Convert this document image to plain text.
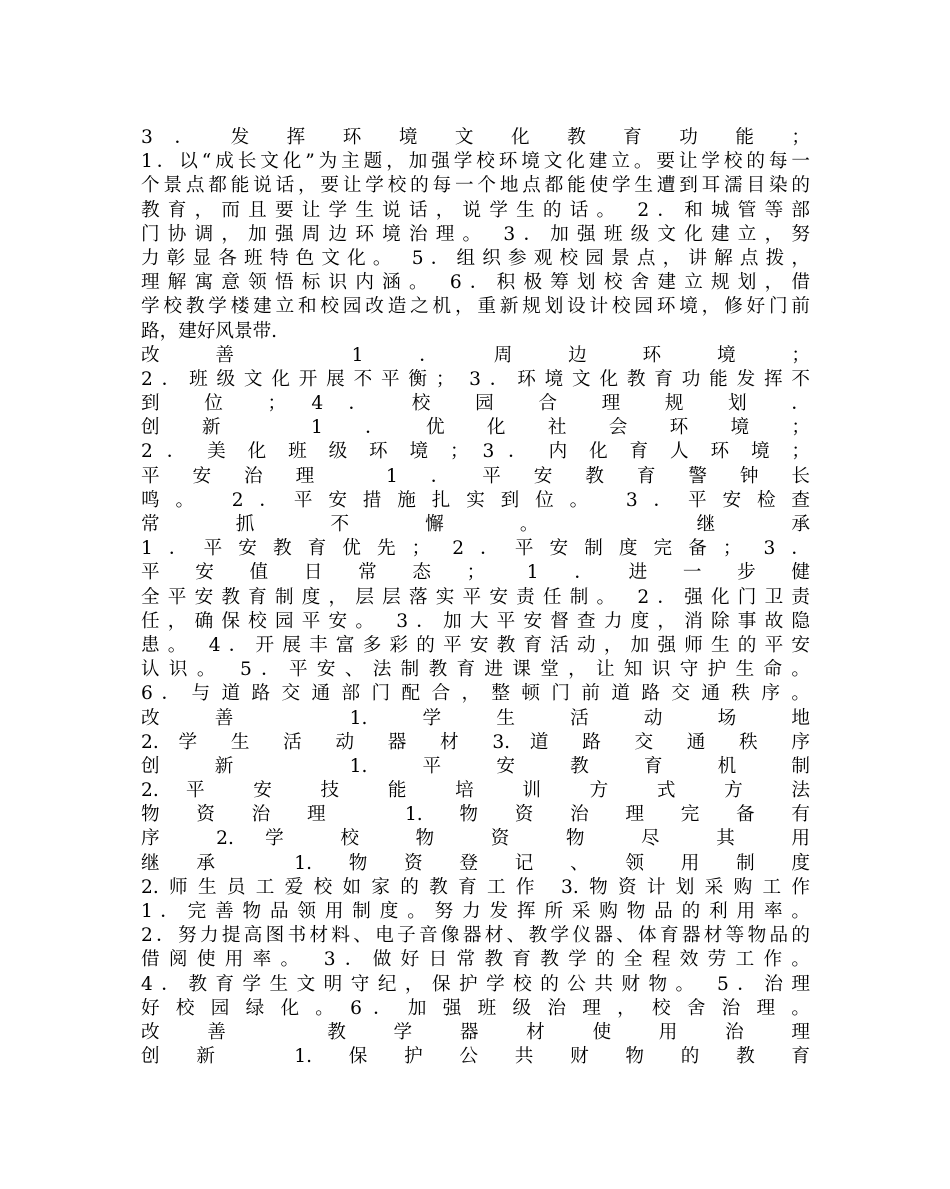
3 ． 发 挥 环 境 文 化 教 育 功 能 ；
1．以“成长文化”为主题，加强学校环境文化建立。要让学校的每一
个景点都能说话，要让学校的每一个地点都能使学生遭到耳濡目染的
教育，而且要让学生说话，说学生的话。 2．和城管等部
门协调，加强周边环境治理。 3．加强班级文化建立，努
力彰显各班特色文化。 5．组织参观校园景点，讲解点拨，
理解寓意领悟标识内涵。 6．积极筹划校舍建立规划，借
学校教学楼建立和校园改造之机，重新规划设计校园环境，修好门前
路，建好风景带.
改善 1．周边环境；
2．班级文化开展不平衡； 3．环境文化教育功能发挥不
到 位 ； 4 ． 校 园 合 理 规 划 ．
创新 1．优化社会环境；
2 ． 美 化 班 级 环 境 ； 3 ． 内 化 育 人 环 境 ；
平安治理 1．平安教育警钟长
鸣。 2．平安措施扎实到位。 3．平安检查
常抓不懈。 继承
1．平安教育优先； 2．平安制度完备； 3．
平安值日常态； 1．进一步健
全平安教育制度，层层落实平安责任制。 2．强化门卫责
任，确保校园平安。 3．加大平安督查力度，消除事故隐
患。 4．开展丰富多彩的平安教育活动，加强师生的平安
认识。 5．平安、法制教育进课堂，让知识守护生命。
6 ． 与 道 路 交 通 部 门 配 合 ， 整 顿 门 前 道 路 交 通 秩 序 。
改善 1.学生活动场地
2. 学 生 活 动 器 材 3. 道 路 交 通 秩 序
创新 1.平安教育机制
2. 平 安 技 能 培 训 方 式 方 法
物资治理 1.物资治理完备有
序 2. 学 校 物 资 物 尽 其 用
继承 1.物资登记、领用制度
2.师生员工爱校如家的教育工作 3.物资计划采购工作
1 ． 完 善 物 品 领 用 制 度 。 努 力 发 挥 所 采 购 物 品 的 利 用 率 。
2．努力提高图书材料、电子音像器材、教学仪器、体育器材等物品的
借阅使用率。 3．做好日常教育教学的全程效劳工作。
4．教育学生文明守纪，保护学校的公共财物。 5．治理
好 校 园 绿 化 。 6 ． 加 强 班 级 治 理 ， 校 舍 治 理 。
改善 教学器材使用治理
创新 1.保护公共财物的教育
